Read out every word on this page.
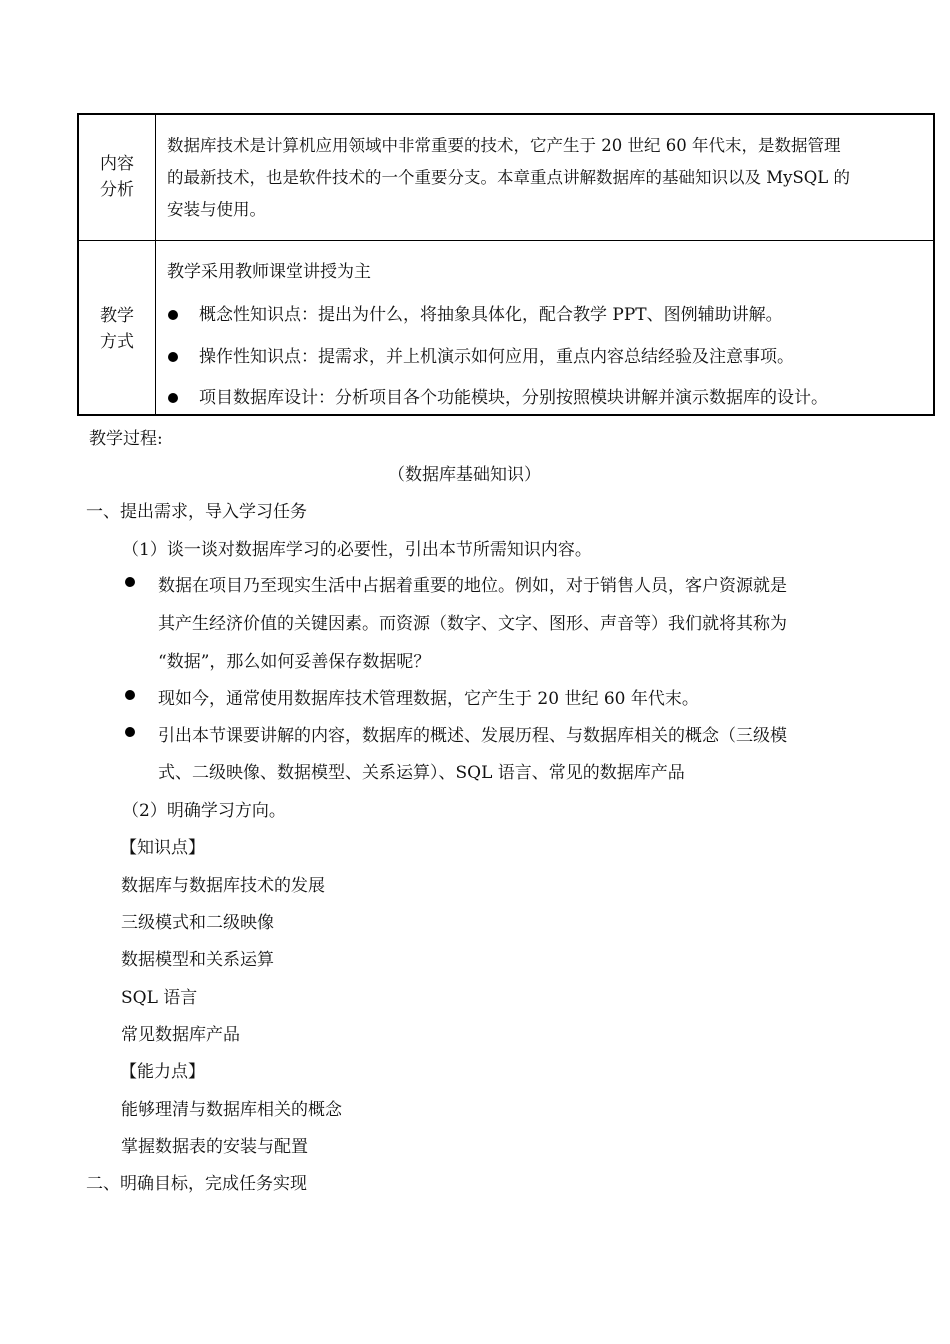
内容
分析
数据库技术是计算机应用领域中非常重要的技术，它产生于 20 世纪 60 年代末，是数据管理
的最新技术，也是软件技术的一个重要分支。本章重点讲解数据库的基础知识以及 MySQL 的
安装与使用。
教学
方式
教学采用教师课堂讲授为主
概念性知识点：提出为什么，将抽象具体化，配合教学 PPT、图例辅助讲解。
操作性知识点：提需求，并上机演示如何应用，重点内容总结经验及注意事项。
项目数据库设计：分析项目各个功能模块，分别按照模块讲解并演示数据库的设计。
教学过程:
（数据库基础知识）
一、提出需求，导入学习任务
（1）谈一谈对数据库学习的必要性，引出本节所需知识内容。
数据在项目乃至现实生活中占据着重要的地位。例如，对于销售人员，客户资源就是
其产生经济价值的关键因素。而资源（数字、文字、图形、声音等）我们就将其称为
“数据”，那么如何妥善保存数据呢？
现如今，通常使用数据库技术管理数据，它产生于 20 世纪 60 年代末。
引出本节课要讲解的内容，数据库的概述、发展历程、与数据库相关的概念（三级模
式、二级映像、数据模型、关系运算）、SQL 语言、常见的数据库产品
（2）明确学习方向。
【知识点】
数据库与数据库技术的发展
三级模式和二级映像
数据模型和关系运算
SQL 语言
常见数据库产品
【能力点】
能够理清与数据库相关的概念
掌握数据表的安装与配置
二、明确目标，完成任务实现
